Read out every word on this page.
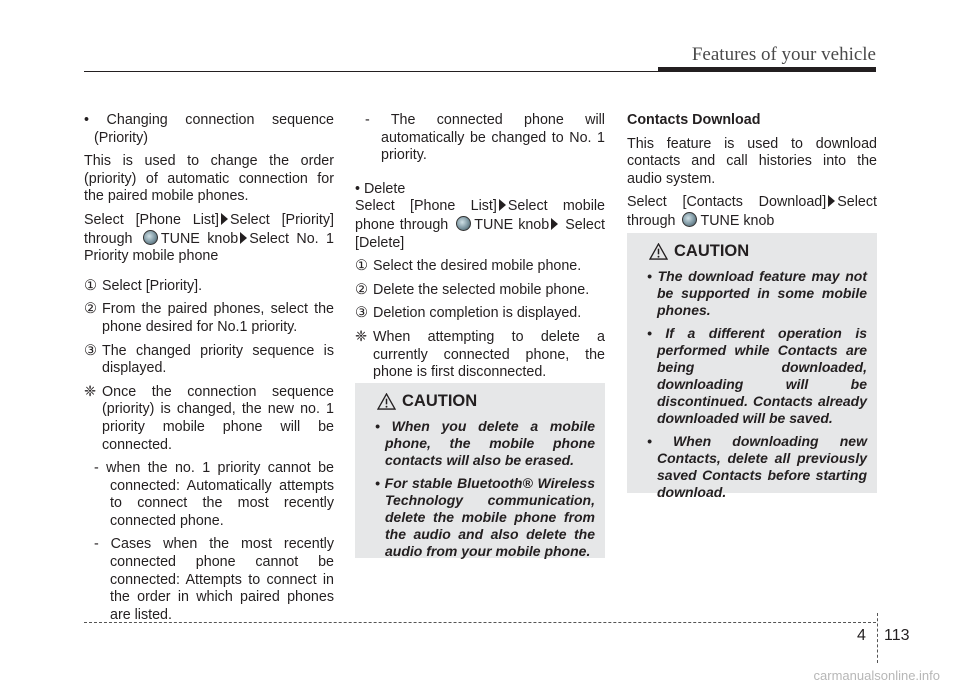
Features of your vehicle

• Changing connection sequence (Priority)

This is used to change the order (priority) of automatic connection for the paired mobile phones.

Select [Phone List] Select [Priority] through TUNE knob Select No. 1 Priority mobile phone

① Select [Priority].

② From the paired phones, select the phone desired for No.1 priority.

③ The changed priority sequence is displayed.

❈ Once the connection sequence (priority) is changed, the new no. 1 priority mobile phone will be connected.

- when the no. 1 priority cannot be connected: Automatically attempts to connect the most recently connected phone.

- Cases when the most recently connected phone cannot be connected: Attempts to connect in the order in which paired phones are listed.

- The connected phone will automatically be changed to No. 1 priority.

• Delete

Select [Phone List] Select mobile phone through TUNE knob Select [Delete]

① Select the desired mobile phone.

② Delete the selected mobile phone.

③ Deletion completion is displayed.

❈ When attempting to delete a currently connected phone, the phone is first disconnected.

CAUTION
• When you delete a mobile phone, the mobile phone contacts will also be erased.
• For stable Bluetooth® Wireless Technology communication, delete the mobile phone from the audio and also delete the audio from your mobile phone.

Contacts Download

This feature is used to download contacts and call histories into the audio system.

Select [Contacts Download] Select through TUNE knob

CAUTION
• The download feature may not be supported in some mobile phones.
• If a different operation is performed while Contacts are being downloaded, downloading will be discontinued. Contacts already downloaded will be saved.
• When downloading new Contacts, delete all previously saved Contacts before starting download.
4 113
carmanualsonline.info
